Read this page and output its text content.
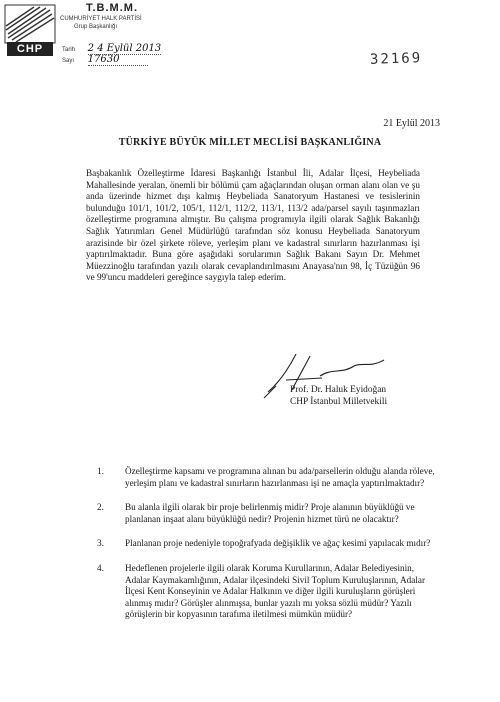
CHP
T.B.M.M.
CUMHURİYET HALK PARTİSİ
Grup Başkanlığı
Tarih 2 4 Eylül 2013
Sayı 17630	32169
21 Eylül 2013
TÜRKİYE BÜYÜK MİLLET MECLİSİ BAŞKANLIĞINA

Başbakanlık Özelleştirme İdaresi Başkanlığı İstanbul İli, Adalar İlçesi, Heybeliada Mahallesinde yeralan, önemli bir bölümü çam ağaçlarından oluşan orman alanı olan ve şu anda üzerinde hizmet dışı kalmış Heybeliada Sanatoryum Hastanesi ve tesislerinin bulunduğu 101/1, 101/2, 105/1, 112/1, 112/2, 113/1, 113/2 ada/parsel sayılı taşınmazları özelleştirme programına almıştır. Bu çalışma programıyla ilgili olarak Sağlık Bakanlığı Sağlık Yatırımları Genel Müdürlüğü tarafından söz konusu Heybeliada Sanatoryum arazisinde bir özel şirkete röleve, yerleşim planı ve kadastral sınırların hazırlanması işi yaptırılmaktadır. Buna göre aşağıdaki sorularımın Sağlık Bakanı Sayın Dr. Mehmet Müezzinoğlu tarafından yazılı olarak cevaplandırılmasını Anayasa'nın 98, İç Tüzüğün 96 ve 99'uncu maddeleri gereğince saygıyla talep ederim.

Prof. Dr. Haluk Eyidoğan
CHP İstanbul Milletvekili
1. Özelleştirme kapsamı ve programına alınan bu ada/parsellerin olduğu alanda röleve, yerleşim planı ve kadastral sınırların hazırlanması işi ne amaçla yaptırılmaktadır?
2. Bu alanla ilgili olarak bir proje belirlenmiş midir? Proje alanının büyüklüğü ve planlanan inşaat alanı büyüklüğü nedir? Projenin hizmet türü ne olacaktır?
3. Planlanan proje nedeniyle topoğrafyada değişiklik ve ağaç kesimi yapılacak mıdır?
4. Hedeflenen projelerle ilgili olarak Koruma Kurullarının, Adalar Belediyesinin, Adalar Kaymakamlığının, Adalar ilçesindeki Sivil Toplum Kuruluşlarının, Adalar İlçesi Kent Konseyinin ve Adalar Halkının ve diğer ilgili kuruluşların görüşleri alınmış mıdır? Görüşler alınmışsa, bunlar yazılı mı yoksa sözlü müdür? Yazılı görüşlerin bir kopyasının tarafıma iletilmesi mümkün müdür?
